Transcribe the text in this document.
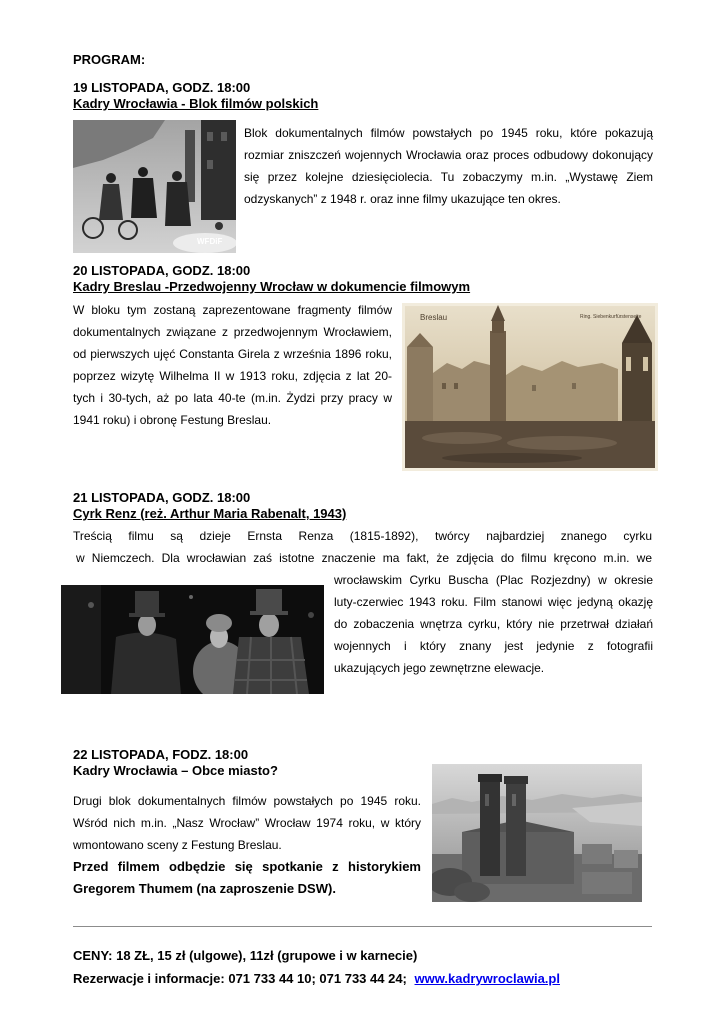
PROGRAM:
19 LISTOPADA, GODZ. 18:00
Kadry Wrocławia - Blok filmów polskich
WFDiF
Blok dokumentalnych filmów powstałych po 1945 roku, które pokazują
rozmiar zniszczeń wojennych Wrocławia oraz proces odbudowy dokonujący
się przez kolejne dziesięciolecia. Tu zobaczymy m.in. „Wystawę Ziem
odzyskanych” z 1948 r. oraz inne filmy ukazujące ten okres.
20 LISTOPADA, GODZ. 18:00
Kadry Breslau -Przedwojenny Wrocław w dokumencie filmowym
W bloku tym zostaną zaprezentowane fragmenty filmów
dokumentalnych związane z przedwojennym Wrocławiem,
od pierwszych ujęć Constanta Girela z września 1896 roku,
poprzez wizytę Wilhelma II w 1913 roku, zdjęcia z lat 20-
tych i 30-tych, aż po lata 40-te (m.in. Żydzi przy pracy w
1941 roku) i obronę Festung Breslau.
Breslau	Ring. Siebenkurfürstenseite
21 LISTOPADA, GODZ. 18:00
Cyrk Renz (reż. Arthur Maria Rabenalt, 1943)
Treścią filmu są dzieje Ernsta Renza (1815-1892), twórcy najbardziej znanego cyrku
w Niemczech. Dla wrocławian zaś istotne znaczenie ma fakt, że zdjęcia do filmu kręcono m.in. we
wrocławskim Cyrku Buscha (Plac Rozjezdny) w okresie
luty-czerwiec 1943 roku. Film stanowi więc jedyną okazję
do zobaczenia wnętrza cyrku, który nie przetrwał działań
wojennych i który znany jest jedynie z fotografii
ukazujących jego zewnętrzne elewacje.
22 LISTOPADA, FODZ. 18:00
Kadry Wrocławia – Obce miasto?
Drugi blok dokumentalnych filmów powstałych po 1945 roku.
Wśród nich m.in. „Nasz Wrocław” Wrocław 1974 roku, w który
wmontowano sceny z Festung Breslau.
Przed filmem odbędzie się spotkanie z historykiem
Gregorem Thumem (na zaproszenie DSW).
CENY: 18 ZŁ, 15 zł (ulgowe), 11zł (grupowe i w karnecie)
Rezerwacje i informacje: 071 733 44 10; 071 733 44 24; www.kadrywroclawia.pl
